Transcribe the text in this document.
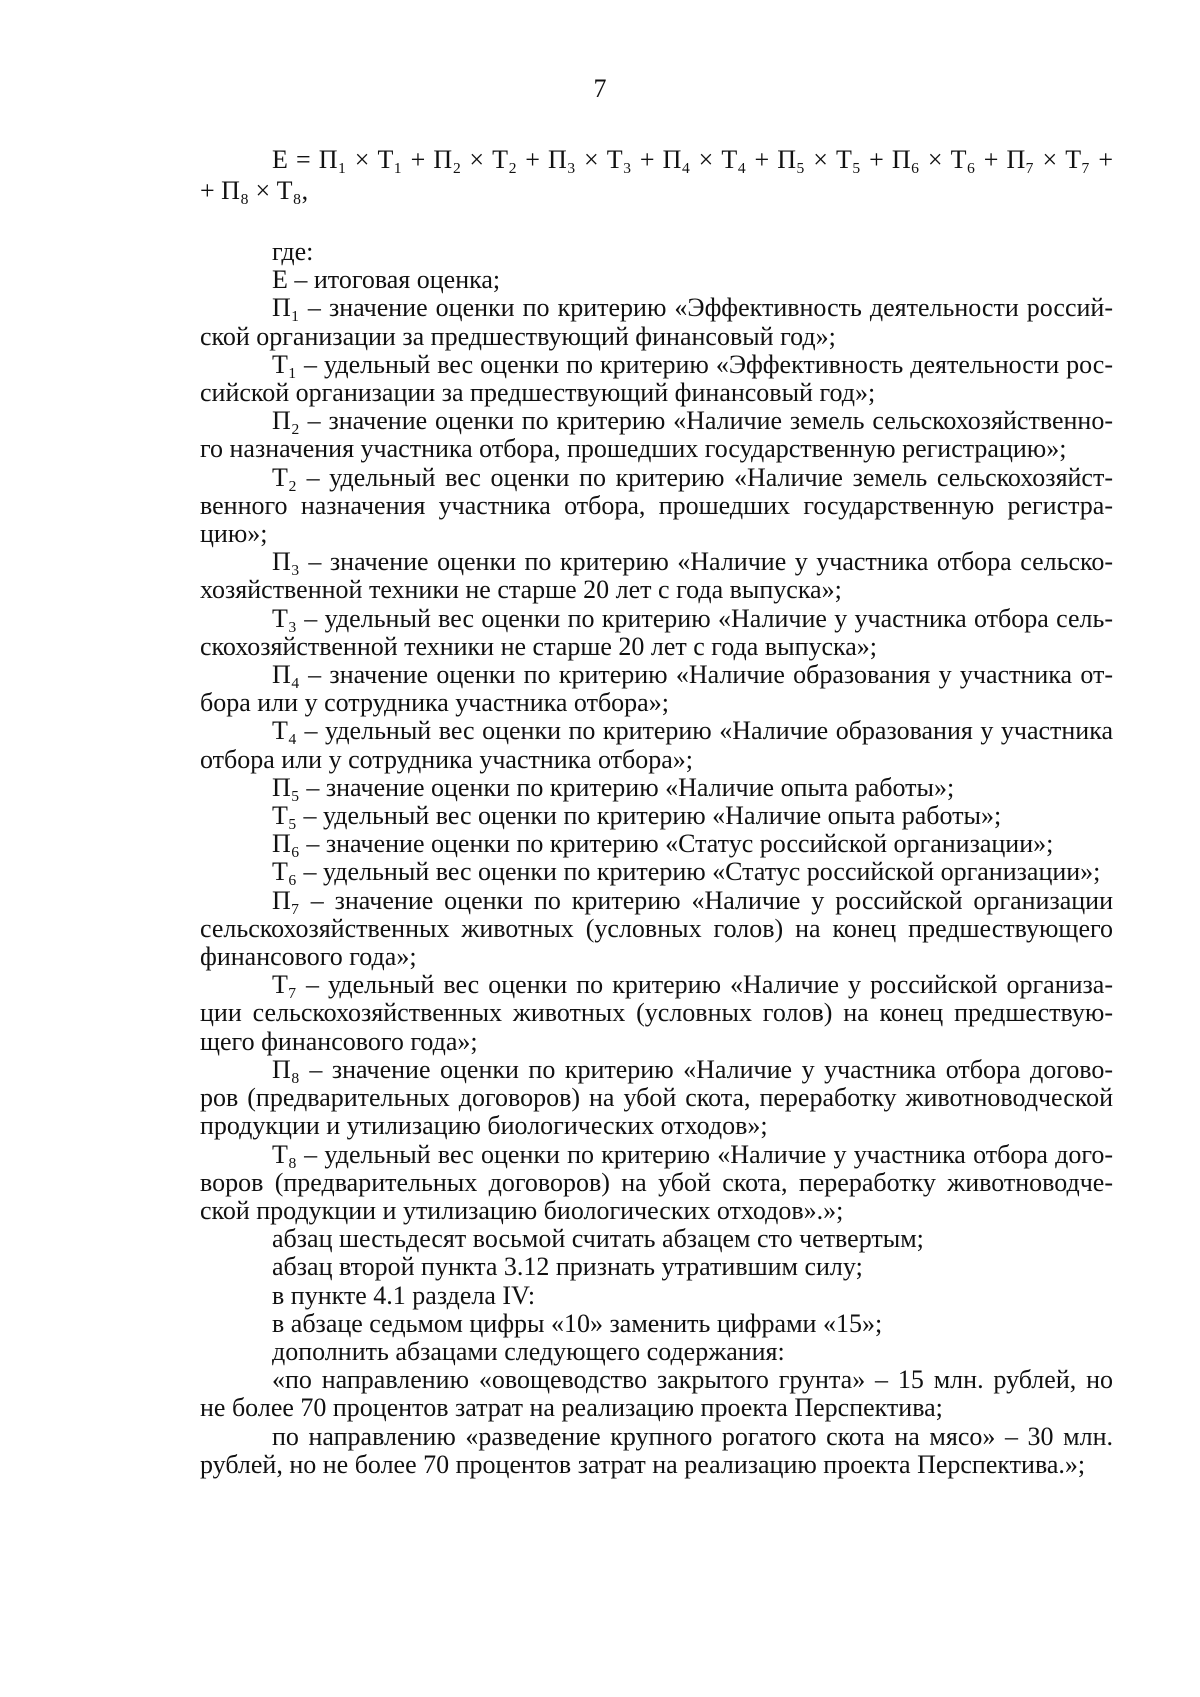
7
Е = П₁ × Т₁ + П₂ × Т₂ + П₃ × Т₃ + П₄ × Т₄ + П₅ × Т₅ + П₆ × Т₆ + П₇ × Т₇ +
+ П₈ × Т₈,

где:

Е – итоговая оценка;

П₁ – значение оценки по критерию «Эффективность деятельности россий-ской организации за предшествующий финансовый год»;

Т₁ – удельный вес оценки по критерию «Эффективность деятельности рос-сийской организации за предшествующий финансовый год»;

П₂ – значение оценки по критерию «Наличие земель сельскохозяйственно-го назначения участника отбора, прошедших государственную регистрацию»;

Т₂ – удельный вес оценки по критерию «Наличие земель сельскохозяйст-венного назначения участника отбора, прошедших государственную регистра-цию»;

П₃ – значение оценки по критерию «Наличие у участника отбора сельско-хозяйственной техники не старше 20 лет с года выпуска»;

Т₃ – удельный вес оценки по критерию «Наличие у участника отбора сель-скохозяйственной техники не старше 20 лет с года выпуска»;

П₄ – значение оценки по критерию «Наличие образования у участника от-бора или у сотрудника участника отбора»;

Т₄ – удельный вес оценки по критерию «Наличие образования у участника отбора или у сотрудника участника отбора»;

П₅ – значение оценки по критерию «Наличие опыта работы»;

Т₅ – удельный вес оценки по критерию «Наличие опыта работы»;

П₆ – значение оценки по критерию «Статус российской организации»;

Т₆ – удельный вес оценки по критерию «Статус российской организации»;

П₇ – значение оценки по критерию «Наличие у российской организации сельскохозяйственных животных (условных голов) на конец предшествующего финансового года»;

Т₇ – удельный вес оценки по критерию «Наличие у российской организа-ции сельскохозяйственных животных (условных голов) на конец предшествую-щего финансового года»;

П₈ – значение оценки по критерию «Наличие у участника отбора догово-ров (предварительных договоров) на убой скота, переработку животноводческой продукции и утилизацию биологических отходов»;

Т₈ – удельный вес оценки по критерию «Наличие у участника отбора дого-воров (предварительных договоров) на убой скота, переработку животноводче-ской продукции и утилизацию биологических отходов».»;

абзац шестьдесят восьмой считать абзацем сто четвертым;

абзац второй пункта 3.12 признать утратившим силу;

в пункте 4.1 раздела IV:

в абзаце седьмом цифры «10» заменить цифрами «15»;

дополнить абзацами следующего содержания:

«по направлению «овощеводство закрытого грунта» – 15 млн. рублей, но не более 70 процентов затрат на реализацию проекта Перспектива;

по направлению «разведение крупного рогатого скота на мясо» – 30 млн. рублей, но не более 70 процентов затрат на реализацию проекта Перспектива.»;
